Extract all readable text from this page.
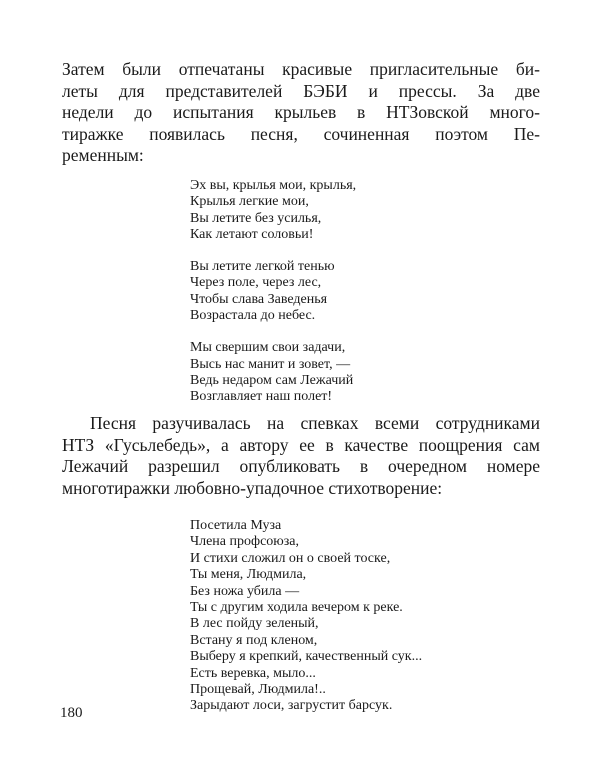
Затем были отпечатаны красивые пригласительные би-
леты для представителей БЭБИ и прессы. За две
недели до испытания крыльев в НТЗовской много-
тиражке появилась песня, сочиненная поэтом Пе-
ременным:
Эх вы, крылья мои, крылья,
Крылья легкие мои,
Вы летите без усилья,
Как летают соловьи!
Вы летите легкой тенью
Через поле, через лес,
Чтобы слава Заведенья
Возрастала до небес.
Мы свершим свои задачи,
Высь нас манит и зовет, —
Ведь недаром сам Лежачий
Возглавляет наш полет!
Песня разучивалась на спевках всеми сотрудниками
НТЗ «Гусьлебедь», а автору ее в качестве поощрения сам
Лежачий разрешил опубликовать в очередном номере
многотиражки любовно-упадочное стихотворение:
Посетила Муза
Члена профсоюза,
И стихи сложил он о своей тоске,
Ты меня, Людмила,
Без ножа убила —
Ты с другим ходила вечером к реке.
В лес пойду зеленый,
Встану я под кленом,
Выберу я крепкий, качественный сук...
Есть веревка, мыло...
Прощевай, Людмила!..
Зарыдают лоси, загрустит барсук.
180
